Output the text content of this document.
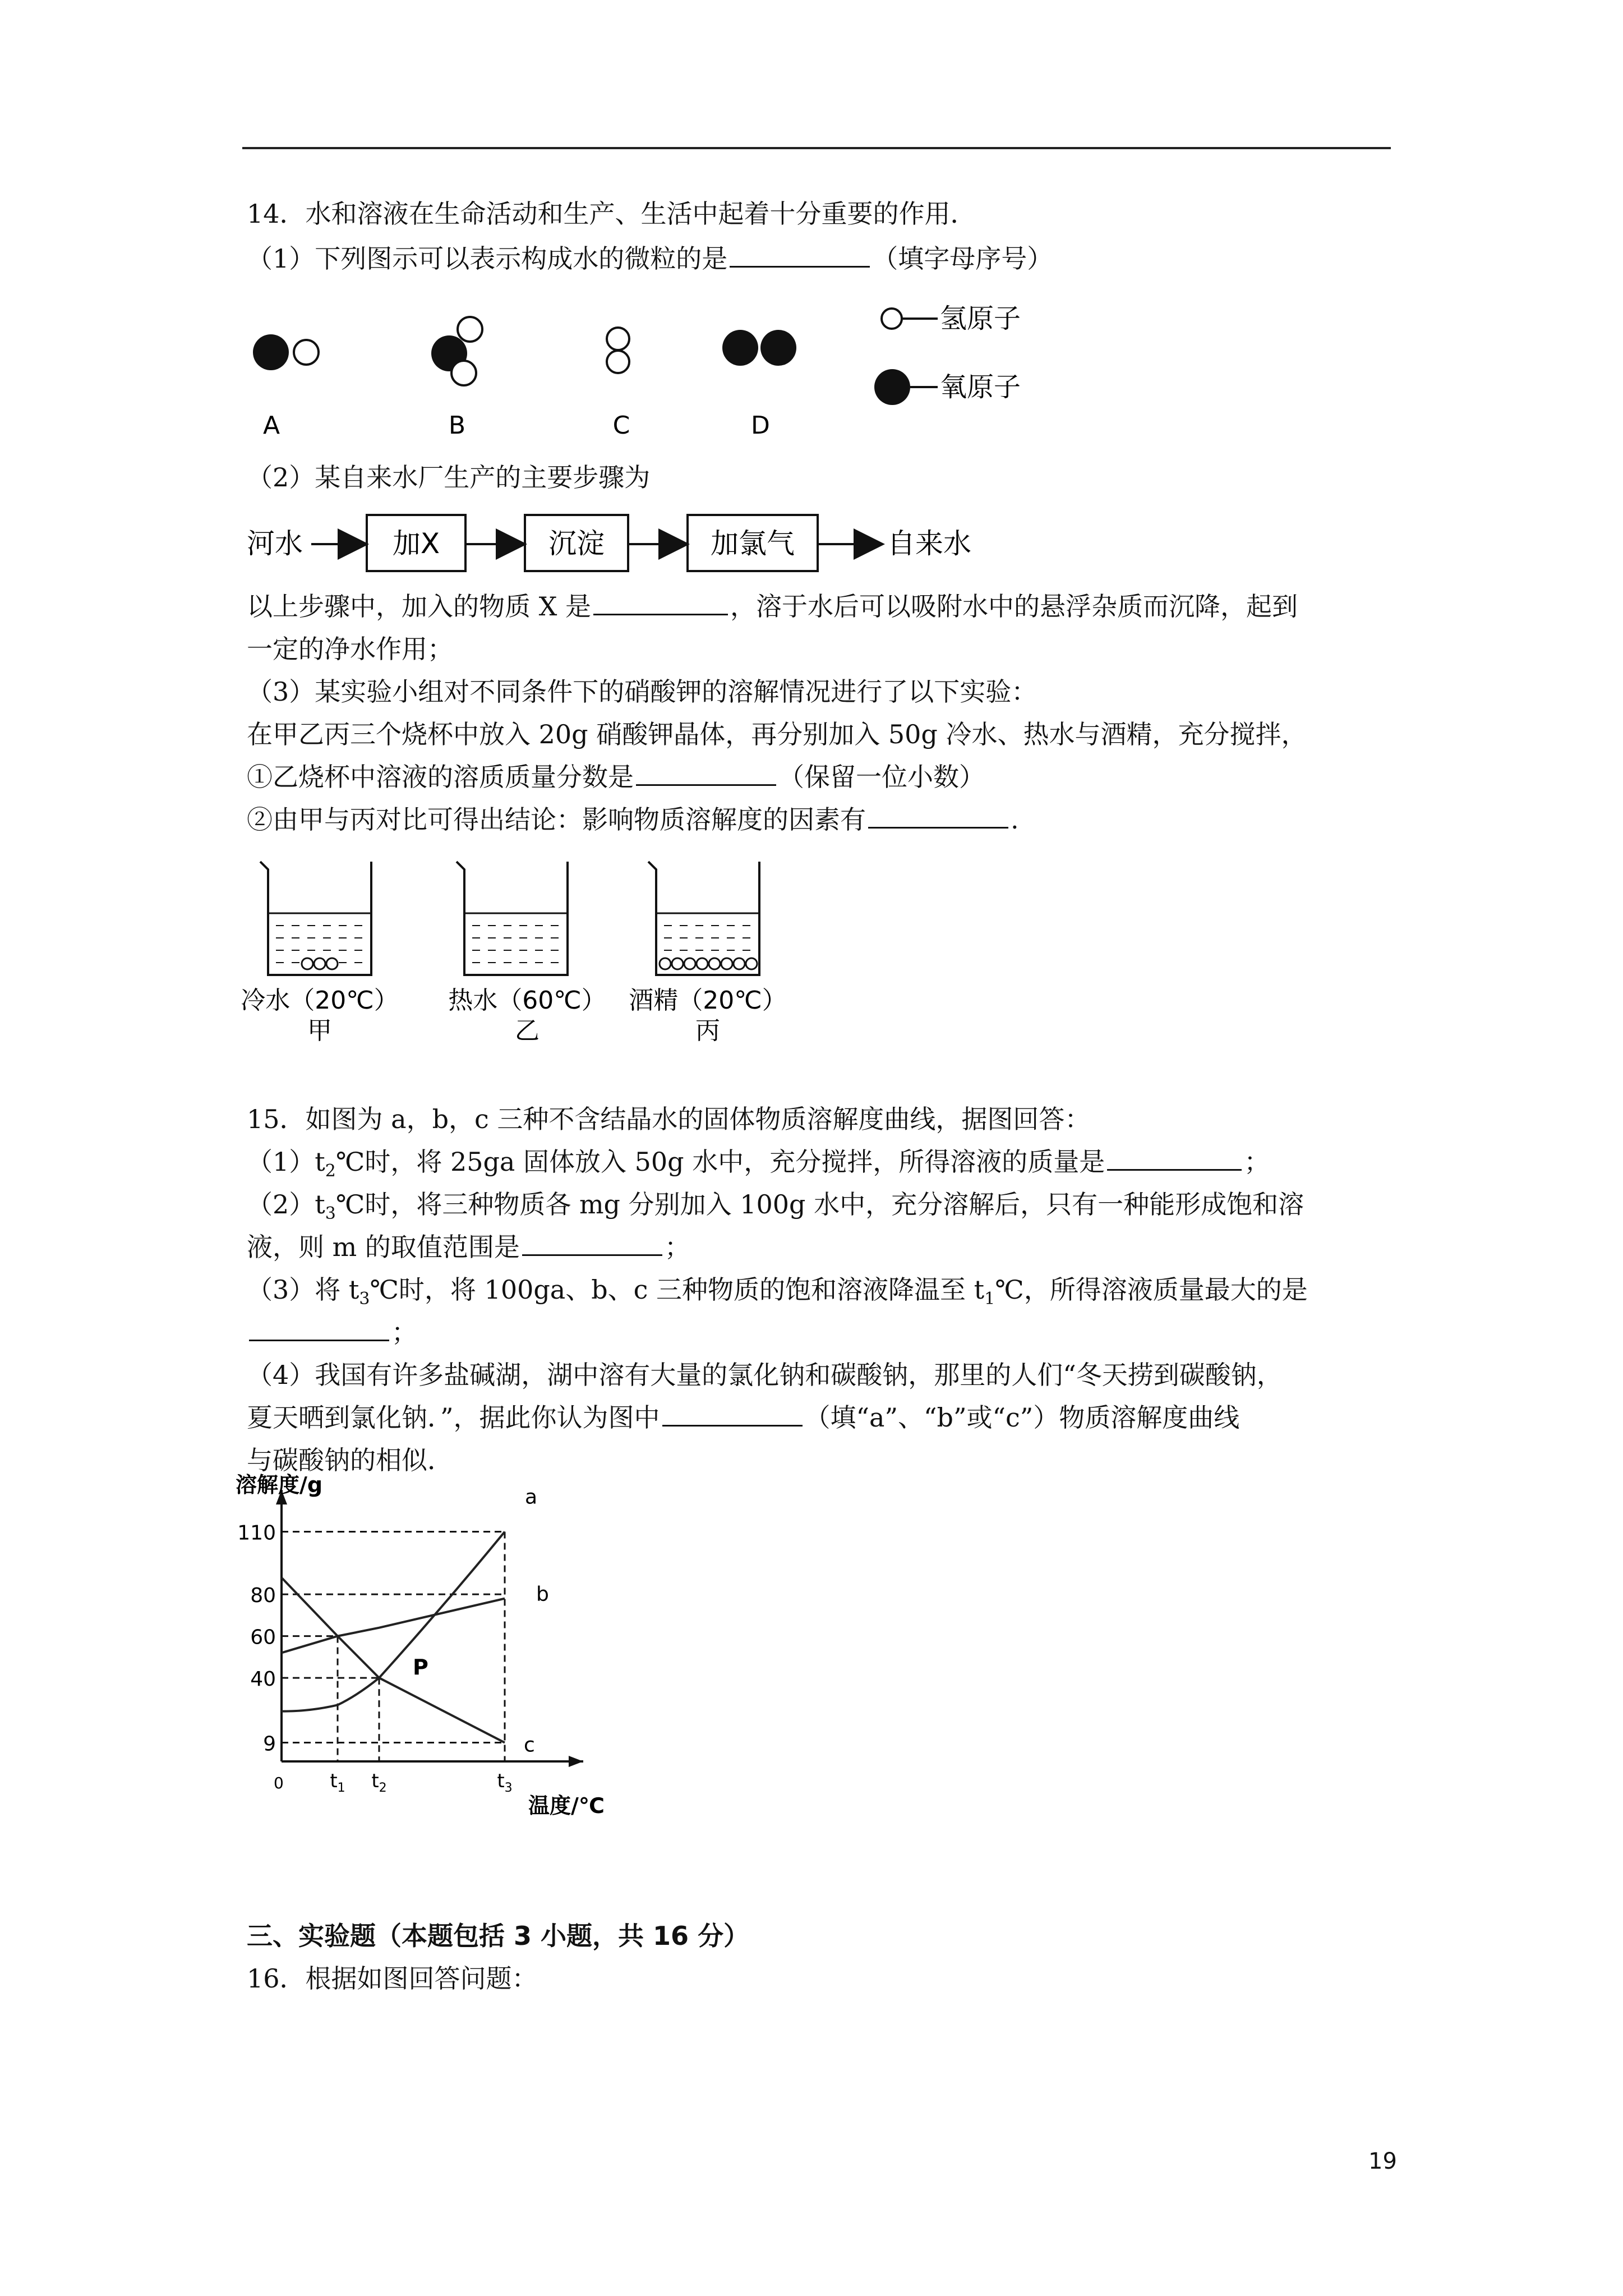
14．水和溶液在生命活动和生产、生活中起着十分重要的作用．
（1）下列图示可以表示构成水的微粒的是	（填字母序号）
A	B	C	D
氢原子
氧原子
（2）某自来水厂生产的主要步骤为
河水	加X	沉淀	加氯气	自来水
以上步骤中，加入的物质 X 是	，溶于水后可以吸附水中的悬浮杂质而沉降，起到
一定的净水作用；
（3）某实验小组对不同条件下的硝酸钾的溶解情况进行了以下实验：
在甲乙丙三个烧杯中放入 20g 硝酸钾晶体，再分别加入 50g 冷水、热水与酒精，充分搅拌，
①乙烧杯中溶液的溶质质量分数是	（保留一位小数）
②由甲与丙对比可得出结论：影响物质溶解度的因素有	.
冷水（20℃）
甲
热水（60℃）
乙
酒精（20℃）
丙
15．如图为 a，b，c 三种不含结晶水的固体物质溶解度曲线，据图回答：
$(1)t_2℃$时，将 25ga 固体放入 50g 水中，充分搅拌，所得溶液的质量是	；
$(2)t_3℃$时，将三种物质各 mg 分别加入 100g 水中，充分溶解后，只有一种能形成饱和溶
液，则 m 的取值范围是	；
（3）将 $t_3℃$时，将 100ga、b、c 三种物质的饱和溶液降温至 $t_1℃$，所得溶液质量最大的是
；
（4）我国有许多盐碱湖，湖中溶有大量的氯化钠和碳酸钠，那里的人们“冬天捞到碳酸钠，
夏天晒到氯化钠．”，据此你认为图中	（填“a”、“b”或“c”）物质溶解度曲线
与碳酸钠的相似．
溶解度/g
温度/℃
0
110
80
60
40
9
$t_1$ $t_2$	$t_3$
a
b
c
P
三、实验题（本题包括 3 小题，共 16 分）
16．根据如图回答问题：
19
